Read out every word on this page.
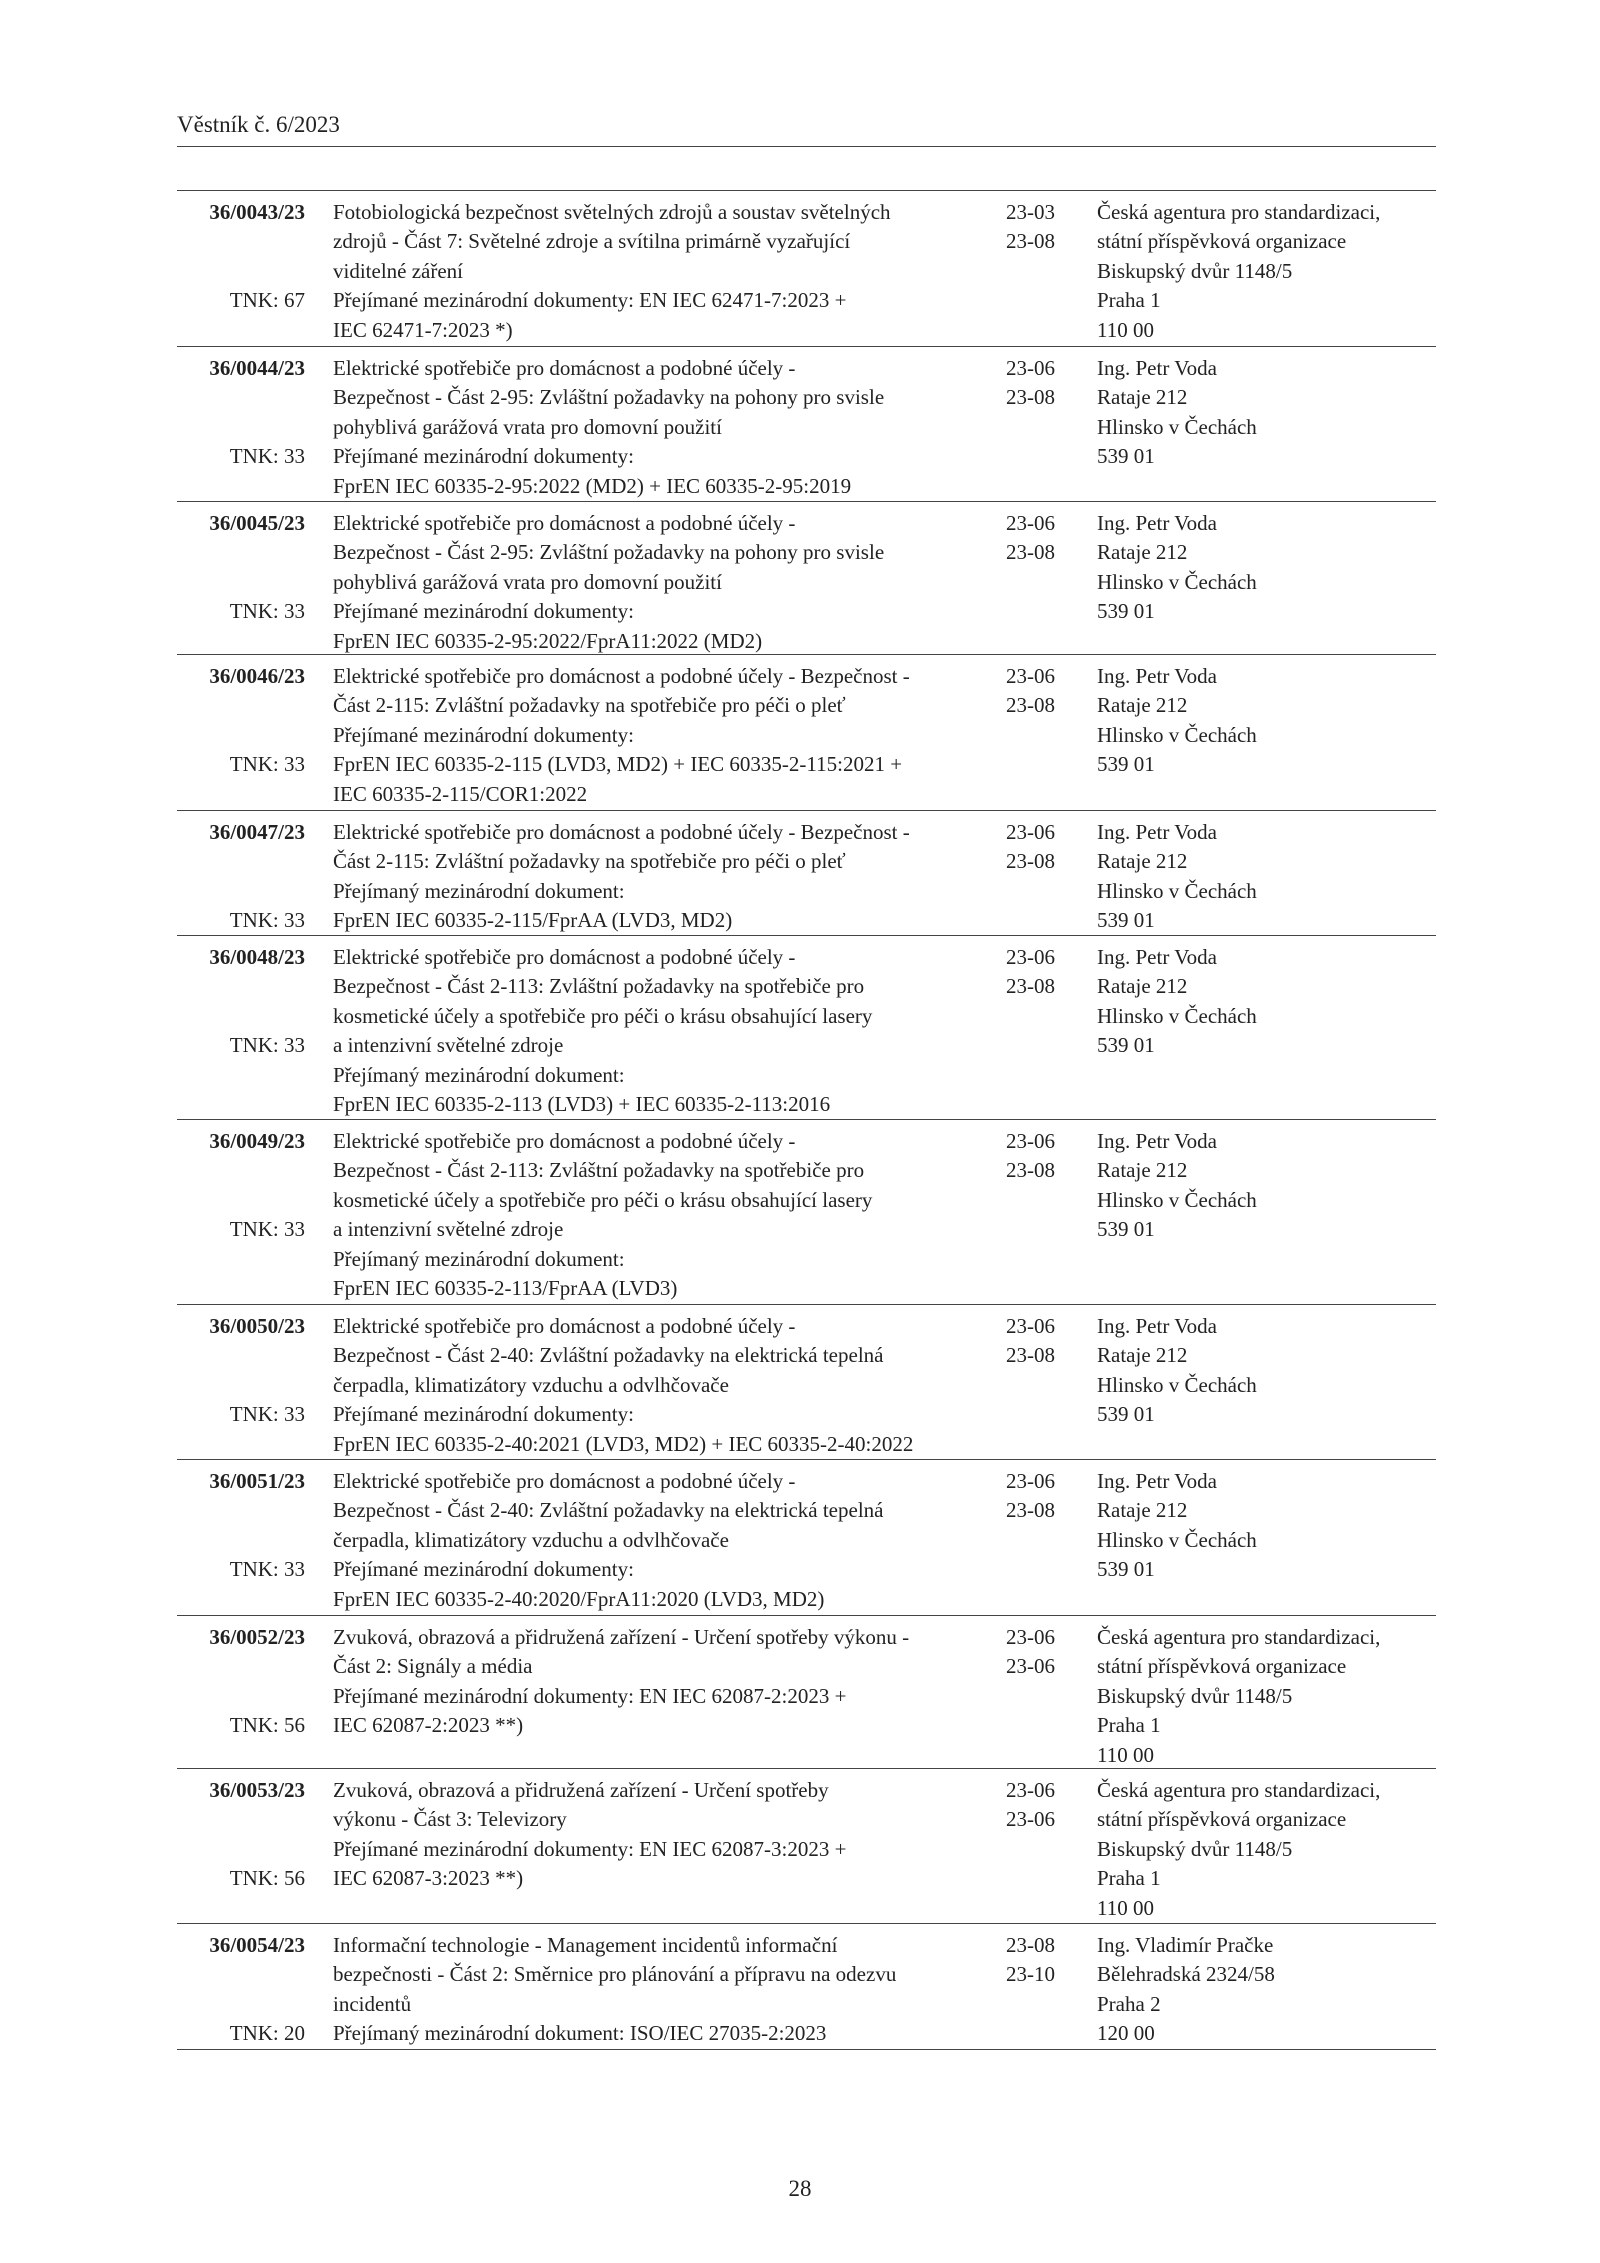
Věstník č. 6/2023
36/0043/23
TNK: 67
Fotobiologická bezpečnost světelných zdrojů a soustav světelných
zdrojů - Část 7: Světelné zdroje a svítilna primárně vyzařující
viditelné záření
Přejímané mezinárodní dokumenty: EN IEC 62471-7:2023 +
IEC 62471-7:2023 *)
23-03
23-08
Česká agentura pro standardizaci,
státní příspěvková organizace
Biskupský dvůr 1148/5
Praha 1
110 00
36/0044/23
TNK: 33
Elektrické spotřebiče pro domácnost a podobné účely -
Bezpečnost - Část 2-95: Zvláštní požadavky na pohony pro svisle
pohyblivá garážová vrata pro domovní použití
Přejímané mezinárodní dokumenty:
FprEN IEC 60335-2-95:2022 (MD2) + IEC 60335-2-95:2019
23-06
23-08
Ing. Petr Voda
Rataje 212
Hlinsko v Čechách
539 01
36/0045/23
TNK: 33
Elektrické spotřebiče pro domácnost a podobné účely -
Bezpečnost - Část 2-95: Zvláštní požadavky na pohony pro svisle
pohyblivá garážová vrata pro domovní použití
Přejímané mezinárodní dokumenty:
FprEN IEC 60335-2-95:2022/FprA11:2022 (MD2)
23-06
23-08
Ing. Petr Voda
Rataje 212
Hlinsko v Čechách
539 01
36/0046/23
TNK: 33
Elektrické spotřebiče pro domácnost a podobné účely - Bezpečnost -
Část 2-115: Zvláštní požadavky na spotřebiče pro péči o pleť
Přejímané mezinárodní dokumenty:
FprEN IEC 60335-2-115 (LVD3, MD2) + IEC 60335-2-115:2021 +
IEC 60335-2-115/COR1:2022
23-06
23-08
Ing. Petr Voda
Rataje 212
Hlinsko v Čechách
539 01
36/0047/23
TNK: 33
Elektrické spotřebiče pro domácnost a podobné účely - Bezpečnost -
Část 2-115: Zvláštní požadavky na spotřebiče pro péči o pleť
Přejímaný mezinárodní dokument:
FprEN IEC 60335-2-115/FprAA (LVD3, MD2)
23-06
23-08
Ing. Petr Voda
Rataje 212
Hlinsko v Čechách
539 01
36/0048/23
TNK: 33
Elektrické spotřebiče pro domácnost a podobné účely -
Bezpečnost - Část 2-113: Zvláštní požadavky na spotřebiče pro
kosmetické účely a spotřebiče pro péči o krásu obsahující lasery
a intenzivní světelné zdroje
Přejímaný mezinárodní dokument:
FprEN IEC 60335-2-113 (LVD3) + IEC 60335-2-113:2016
23-06
23-08
Ing. Petr Voda
Rataje 212
Hlinsko v Čechách
539 01
36/0049/23
TNK: 33
Elektrické spotřebiče pro domácnost a podobné účely -
Bezpečnost - Část 2-113: Zvláštní požadavky na spotřebiče pro
kosmetické účely a spotřebiče pro péči o krásu obsahující lasery
a intenzivní světelné zdroje
Přejímaný mezinárodní dokument:
FprEN IEC 60335-2-113/FprAA (LVD3)
23-06
23-08
Ing. Petr Voda
Rataje 212
Hlinsko v Čechách
539 01
36/0050/23
TNK: 33
Elektrické spotřebiče pro domácnost a podobné účely -
Bezpečnost - Část 2-40: Zvláštní požadavky na elektrická tepelná
čerpadla, klimatizátory vzduchu a odvlhčovače
Přejímané mezinárodní dokumenty:
FprEN IEC 60335-2-40:2021 (LVD3, MD2) + IEC 60335-2-40:2022
23-06
23-08
Ing. Petr Voda
Rataje 212
Hlinsko v Čechách
539 01
36/0051/23
TNK: 33
Elektrické spotřebiče pro domácnost a podobné účely -
Bezpečnost - Část 2-40: Zvláštní požadavky na elektrická tepelná
čerpadla, klimatizátory vzduchu a odvlhčovače
Přejímané mezinárodní dokumenty:
FprEN IEC 60335-2-40:2020/FprA11:2020 (LVD3, MD2)
23-06
23-08
Ing. Petr Voda
Rataje 212
Hlinsko v Čechách
539 01
36/0052/23
TNK: 56
Zvuková, obrazová a přidružená zařízení - Určení spotřeby výkonu -
Část 2: Signály a média
Přejímané mezinárodní dokumenty: EN IEC 62087-2:2023 +
IEC 62087-2:2023 **)
23-06
23-06
Česká agentura pro standardizaci,
státní příspěvková organizace
Biskupský dvůr 1148/5
Praha 1
110 00
36/0053/23
TNK: 56
Zvuková, obrazová a přidružená zařízení - Určení spotřeby
výkonu - Část 3: Televizory
Přejímané mezinárodní dokumenty: EN IEC 62087-3:2023 +
IEC 62087-3:2023 **)
23-06
23-06
Česká agentura pro standardizaci,
státní příspěvková organizace
Biskupský dvůr 1148/5
Praha 1
110 00
36/0054/23
TNK: 20
Informační technologie - Management incidentů informační
bezpečnosti - Část 2: Směrnice pro plánování a přípravu na odezvu
incidentů
Přejímaný mezinárodní dokument: ISO/IEC 27035-2:2023
23-08
23-10
Ing. Vladimír Pračke
Bělehradská 2324/58
Praha 2
120 00
28
